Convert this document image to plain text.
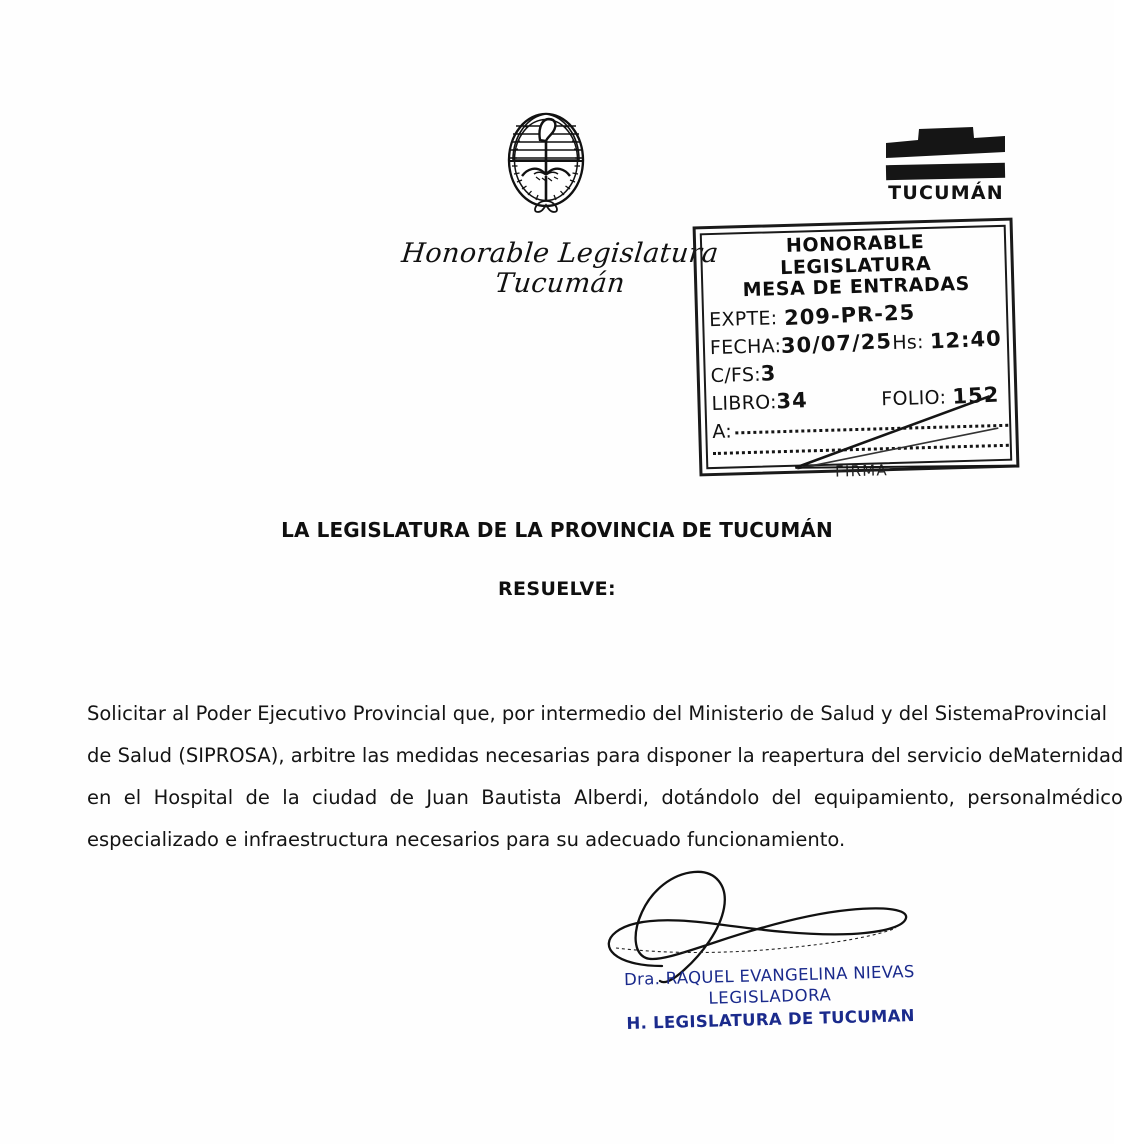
Honorable Legislatura
Tucumán
TUCUMÁN
HONORABLE LEGISLATURA
MESA DE ENTRADAS
EXPTE: 209-PR-25
FECHA:30/07/25 Hs: 12:40
C/FS:3
LIBRO:34	FOLIO: 152
A:
FIRMA
LA LEGISLATURA DE LA PROVINCIA DE TUCUMÁN
RESUELVE:
Solicitar al Poder Ejecutivo Provincial que, por intermedio del Ministerio de Salud y del Sistema Provincial
de Salud (SIPROSA), arbitre las medidas necesarias para disponer la reapertura del servicio de Maternidad
en  el  Hospital  de  la  ciudad  de  Juan  Bautista  Alberdi,  dotándolo  del  equipamiento,  personal médico
especializado e infraestructura necesarios para su adecuado funcionamiento.
Dra. RAQUEL EVANGELINA NIEVAS
LEGISLADORA
H. LEGISLATURA DE TUCUMAN
